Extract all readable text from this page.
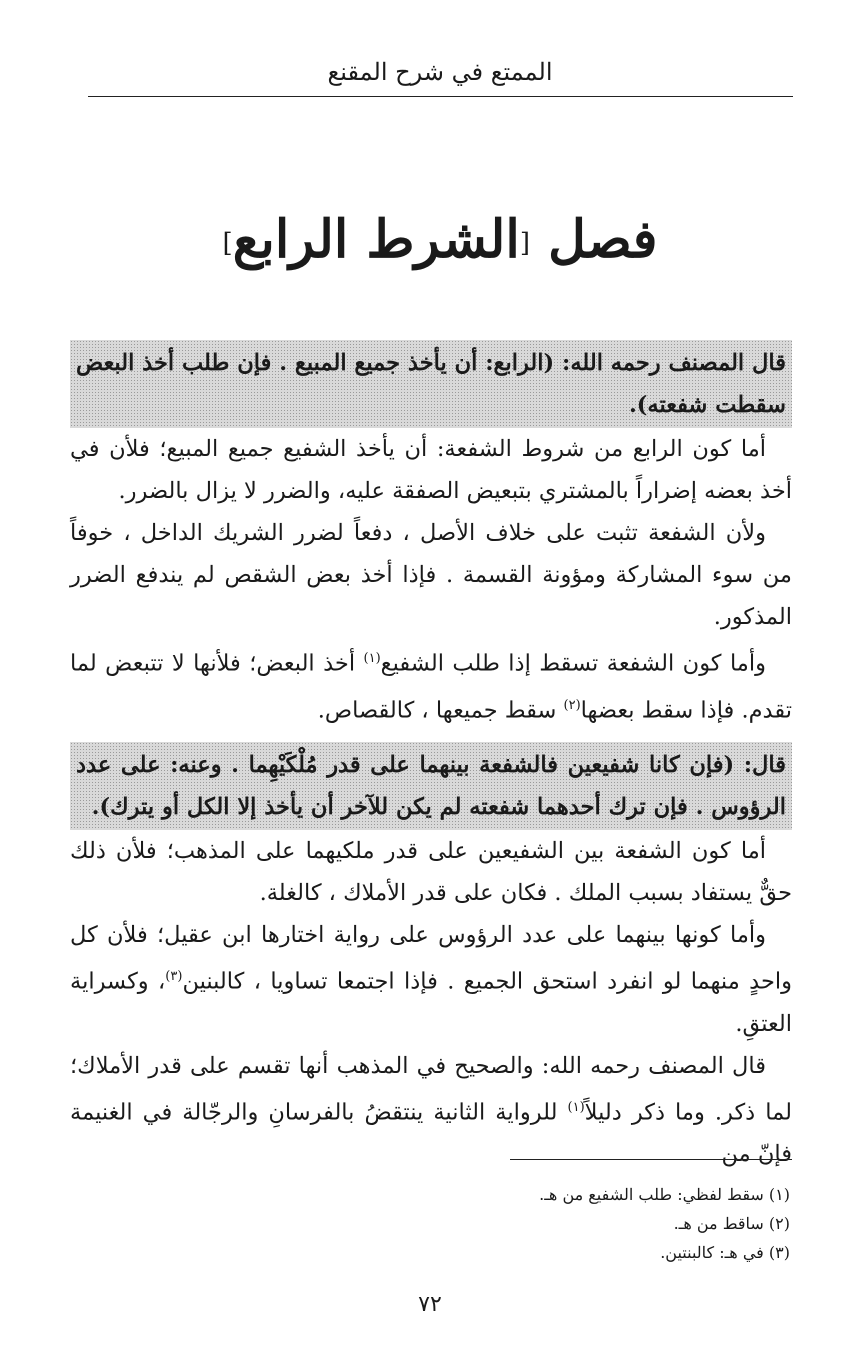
الممتع في شرح المقنع
فصل [الشرط الرابع]

قال المصنف رحمه الله: (الرابع: أن يأخذ جميع المبيع . فإن طلب أخذ البعض سقطت شفعته).

أما كون الرابع من شروط الشفعة: أن يأخذ الشفيع جميع المبيع؛ فلأن في أخذ بعضه إضراراً بالمشتري بتبعيض الصفقة عليه، والضرر لا يزال بالضرر.

ولأن الشفعة تثبت على خلاف الأصل ، دفعاً لضرر الشريك الداخل ، خوفاً من سوء المشاركة ومؤونة القسمة . فإذا أخذ بعض الشقص لم يندفع الضرر المذكور.

وأما كون الشفعة تسقط إذا طلب الشفيع$^{(١)}$ أخذ البعض؛ فلأنها لا تتبعض لما تقدم. فإذا سقط بعضها$^{(٢)}$ سقط جميعها ، كالقصاص.

قال: (فإن كانا شفيعين فالشفعة بينهما على قدر مُلْكَيْهِما . وعنه: على عدد الرؤوس . فإن ترك أحدهما شفعته لم يكن للآخر أن يأخذ إلا الكل أو يترك).

أما كون الشفعة بين الشفيعين على قدر ملكيهما على المذهب؛ فلأن ذلك حقٌّ يستفاد بسبب الملك . فكان على قدر الأملاك ، كالغلة.

وأما كونها بينهما على عدد الرؤوس على رواية اختارها ابن عقيل؛ فلأن كل واحدٍ منهما لو انفرد استحق الجميع . فإذا اجتمعا تساويا ، كالبنين$^{(٣)}$، وكسراية العتقِ.

قال المصنف رحمه الله: والصحيح في المذهب أنها تقسم على قدر الأملاك؛ لما ذكر. وما ذكر دليلاً$^{(١)}$ للرواية الثانية ينتقضُ بالفرسانِ والرجّالة في الغنيمة فإنّ من

(١) سقط لفظي: طلب الشفيع من هـ.
(٢) ساقط من هـ.
(٣) في هـ: كالبنتين.
٧٢
